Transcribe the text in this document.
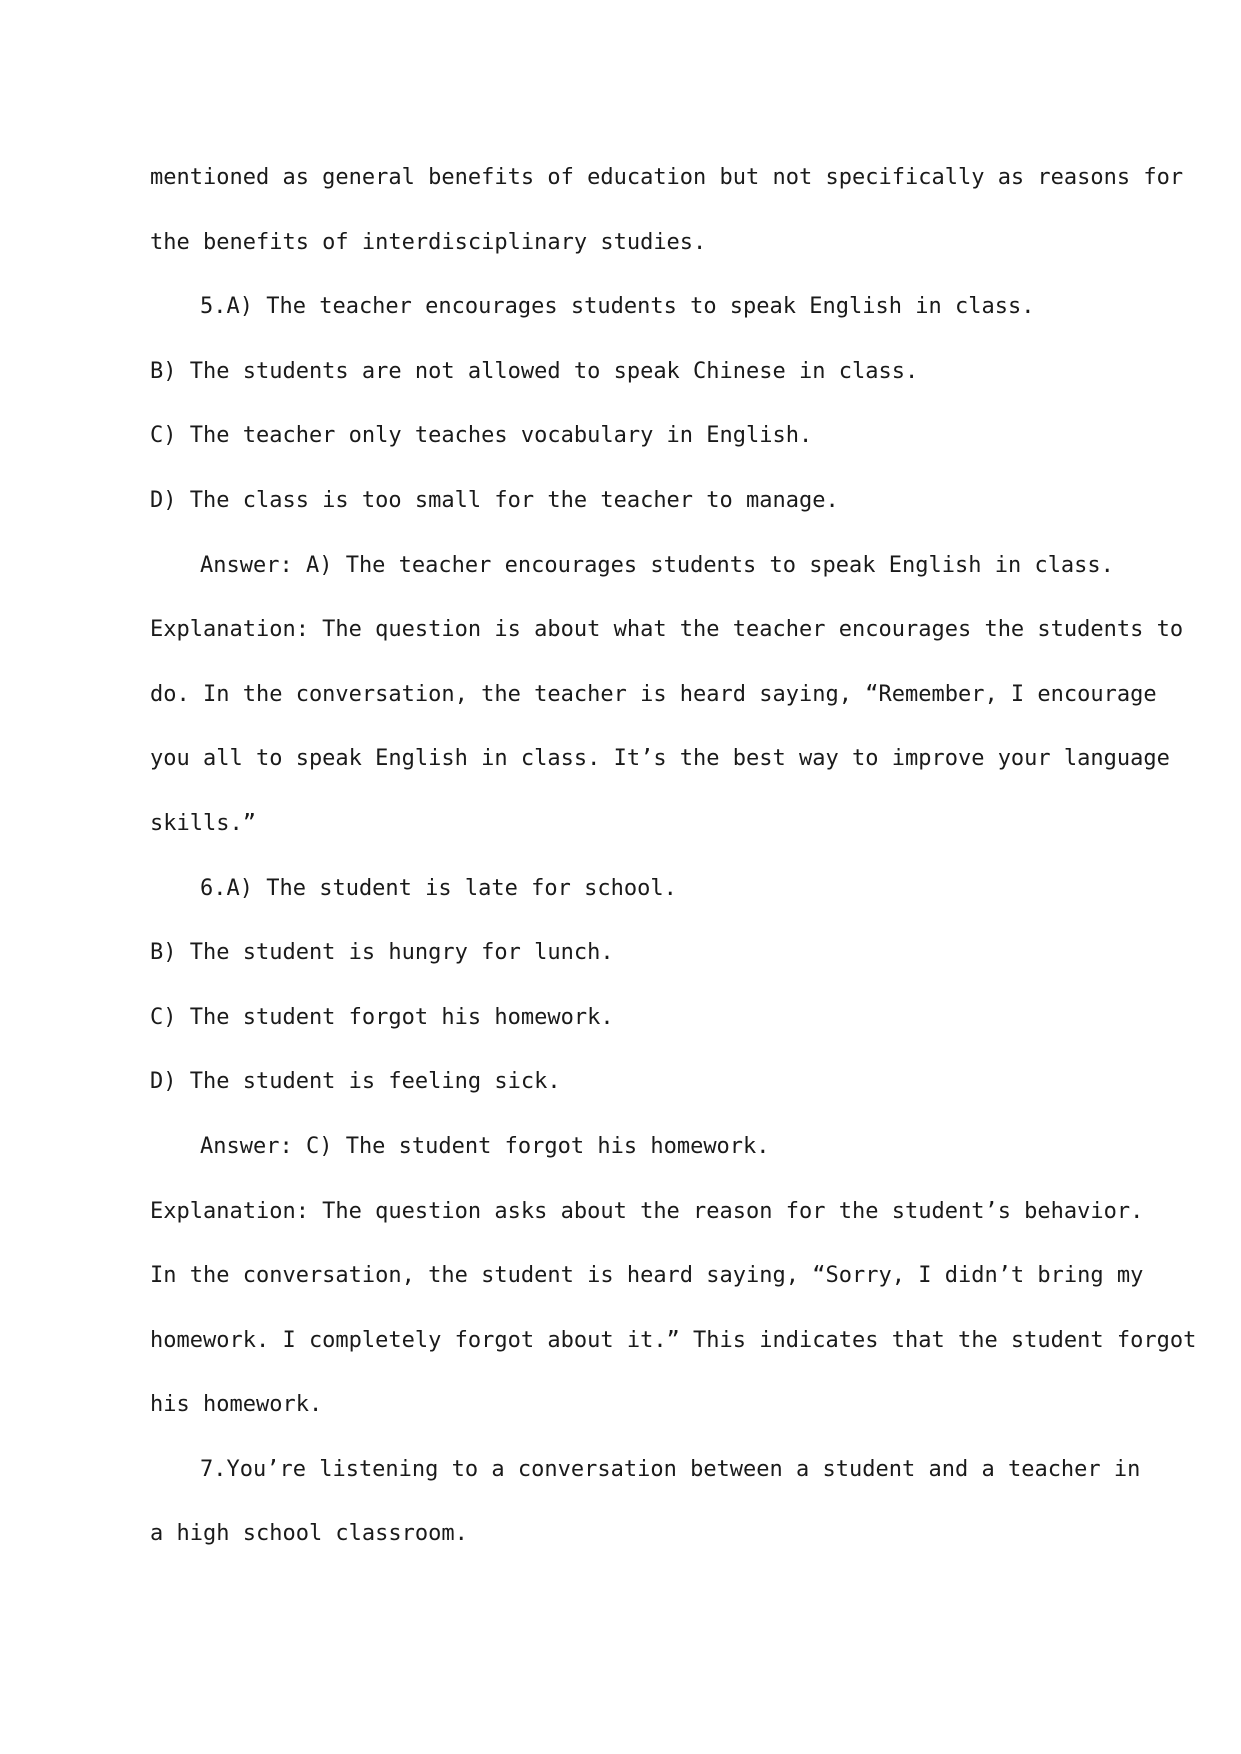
mentioned as general benefits of education but not specifically as reasons for
the benefits of interdisciplinary studies.
5.A) The teacher encourages students to speak English in class.
B) The students are not allowed to speak Chinese in class.
C) The teacher only teaches vocabulary in English.
D) The class is too small for the teacher to manage.
Answer: A) The teacher encourages students to speak English in class.
Explanation: The question is about what the teacher encourages the students to
do. In the conversation, the teacher is heard saying, “Remember, I encourage
you all to speak English in class. It’s the best way to improve your language
skills.”
6.A) The student is late for school.
B) The student is hungry for lunch.
C) The student forgot his homework.
D) The student is feeling sick.
Answer: C) The student forgot his homework.
Explanation: The question asks about the reason for the student’s behavior.
In the conversation, the student is heard saying, “Sorry, I didn’t bring my
homework. I completely forgot about it.” This indicates that the student forgot
his homework.
7.You’re listening to a conversation between a student and a teacher in
a high school classroom.
